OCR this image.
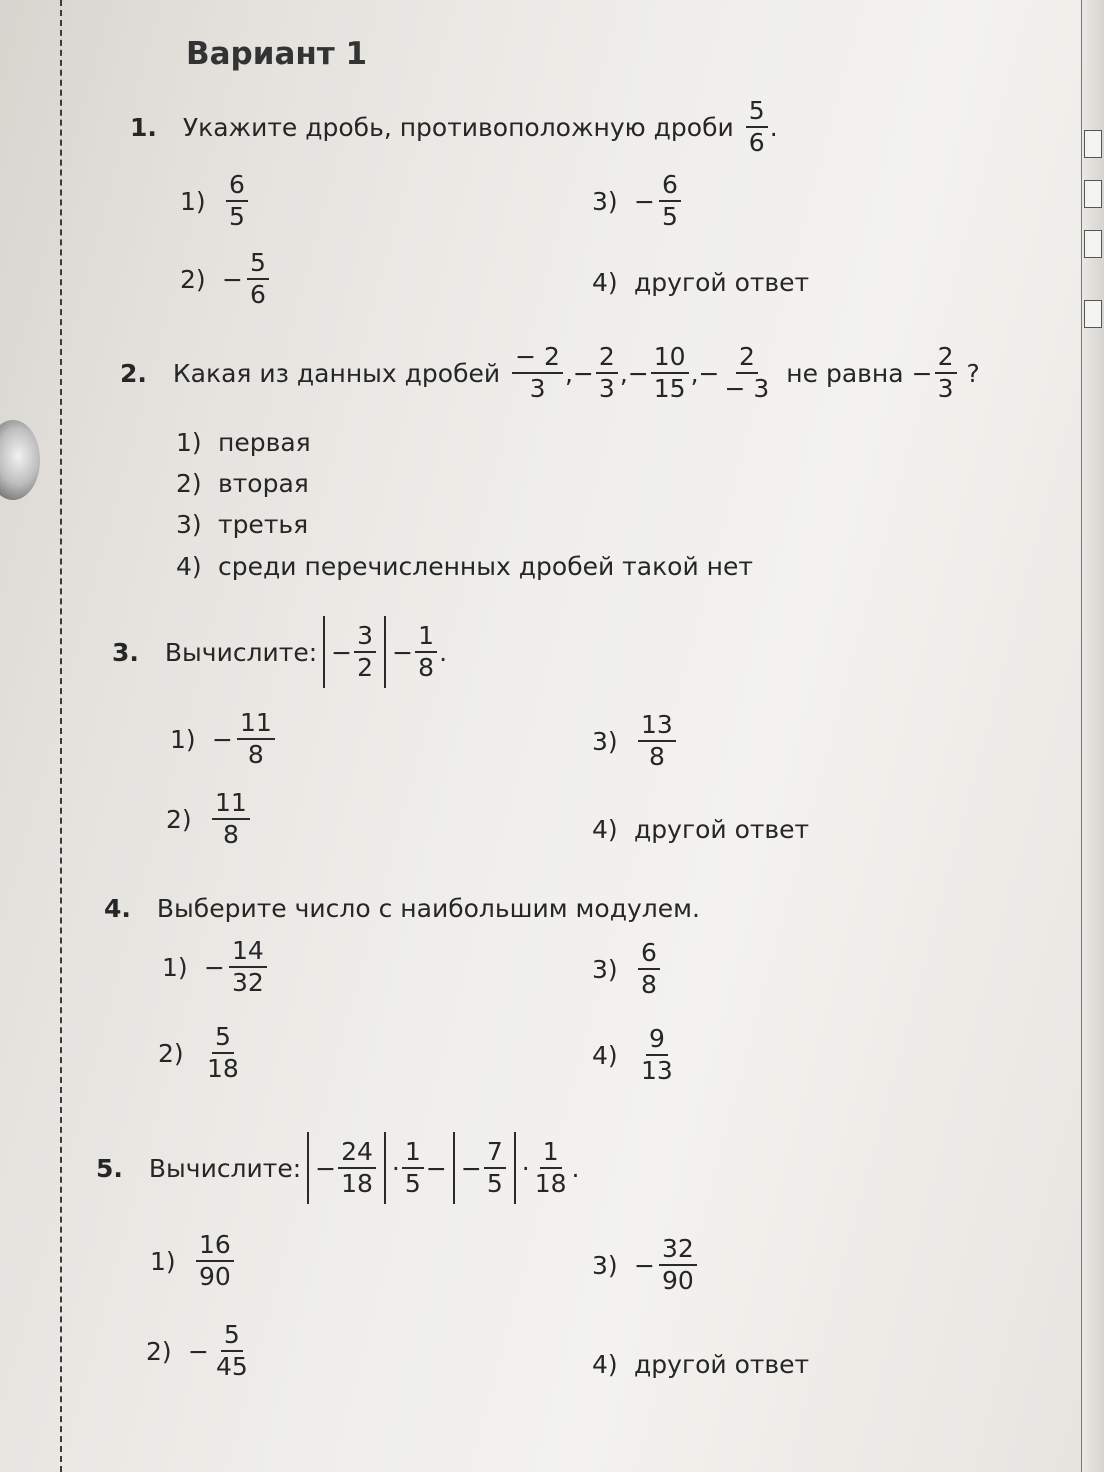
Вариант 1
1. Укажите дробь, противоположную дроби $\frac{5}{6}$ .
$1) \frac{6}{5}$
$2) - \frac{5}{6}$
$3) - \frac{6}{5}$
4) другой ответ
2. Какая из данных дробей $\frac{- 2}{3}$ , − $\frac{2}{3}$ , − $\frac{10}{15}$ , − $\frac{2}{- 3}$ не равна − $\frac{2}{3}$ ?
1) первая
2) вторая
3) третья
4) среди перечисленных дробей такой нет
3. Вычислите: − $\frac{3}{2} - \frac{1}{8}$ .
$1) - \frac{11}{8}$
$2) \frac{11}{8}$
$3) \frac{13}{8}$
4) другой ответ
4. Выберите число с наибольшим модулем.
$1) - \frac{14}{32}$
$2) \frac{5}{18}$
$3) \frac{6}{8}$
$4) \frac{9}{13}$
5. Вычислите: − $\frac{24}{18} \cdot \frac{1}{5}$ − − $\frac{7}{5} \cdot \frac{1}{18}$ .
$1) \frac{16}{90}$
$2) - \frac{5}{45}$
$3) - \frac{32}{90}$
4) другой ответ
